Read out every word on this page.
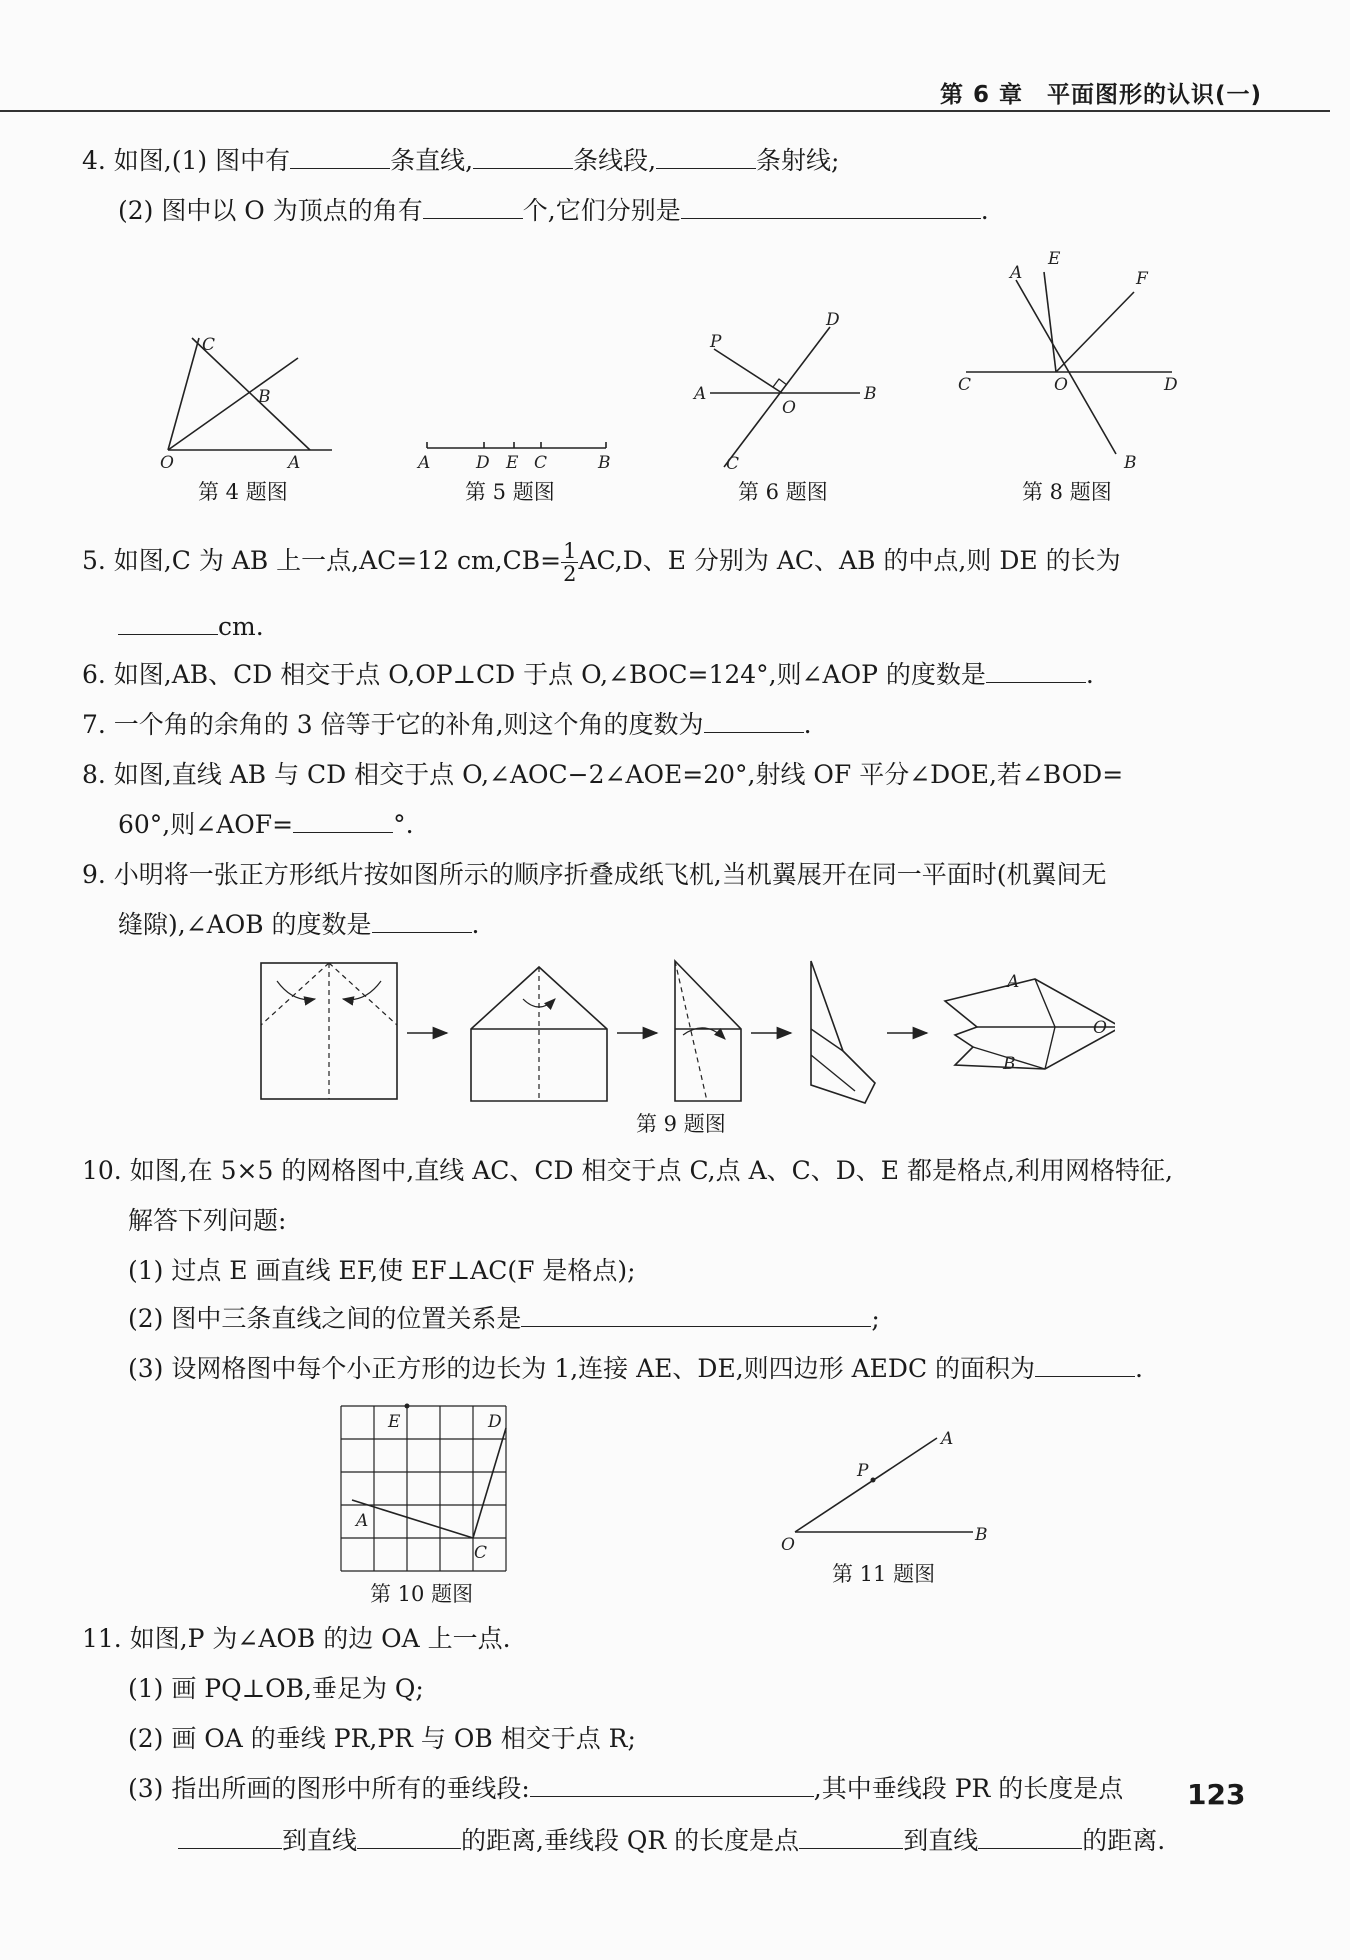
第 6 章　平面图形的认识(一)
4. 如图,(1) 图中有	条直线,	条线段,	条射线;
(2) 图中以 O 为顶点的角有	个,它们分别是	.
C
B
O	A
第 4 题图
A	D E C	B
第 5 题图
P
D
A
O
B
C
第 6 题图
A
E
F
C	O	D
B
第 8 题图
5. 如图,C 为 AB 上一点,AC=12 $cm,CB= \frac{1}{2} AC,D$、E 分别为 AC、AB 的中点,则 DE 的长为
cm.
6. 如图,AB、CD 相交于点 O,OP⊥CD 于点 O,∠BOC=124°,则∠AOP 的度数是	.
7. 一个角的余角的 3 倍等于它的补角,则这个角的度数为	.
8. 如图,直线 AB 与 CD 相交于点 O,∠AOC−2∠AOE=20°,射线 OF 平分∠DOE,若∠BOD=
60°,则∠AOF=	°.
9. 小明将一张正方形纸片按如图所示的顺序折叠成纸飞机,当机翼展开在同一平面时(机翼间无
缝隙),∠AOB 的度数是	.
A
O
B
第 9 题图
10. 如图,在 5×5 的网格图中,直线 AC、CD 相交于点 C,点 A、C、D、E 都是格点,利用网格特征,
解答下列问题:
(1) 过点 E 画直线 EF,使 EF⊥AC(F 是格点);
(2) 图中三条直线之间的位置关系是	;
(3) 设网格图中每个小正方形的边长为 1,连接 AE、DE,则四边形 AEDC 的面积为	.
E	D
A
C
第 10 题图
A
P
O	B
第 11 题图
11. 如图,P 为∠AOB 的边 OA 上一点.
(1) 画 PQ⊥OB,垂足为 Q;
(2) 画 OA 的垂线 PR,PR 与 OB 相交于点 R;
(3) 指出所画的图形中所有的垂线段:	,其中垂线段 PR 的长度是点
到直线	的距离,垂线段 QR 的长度是点	到直线	的距离.
123
